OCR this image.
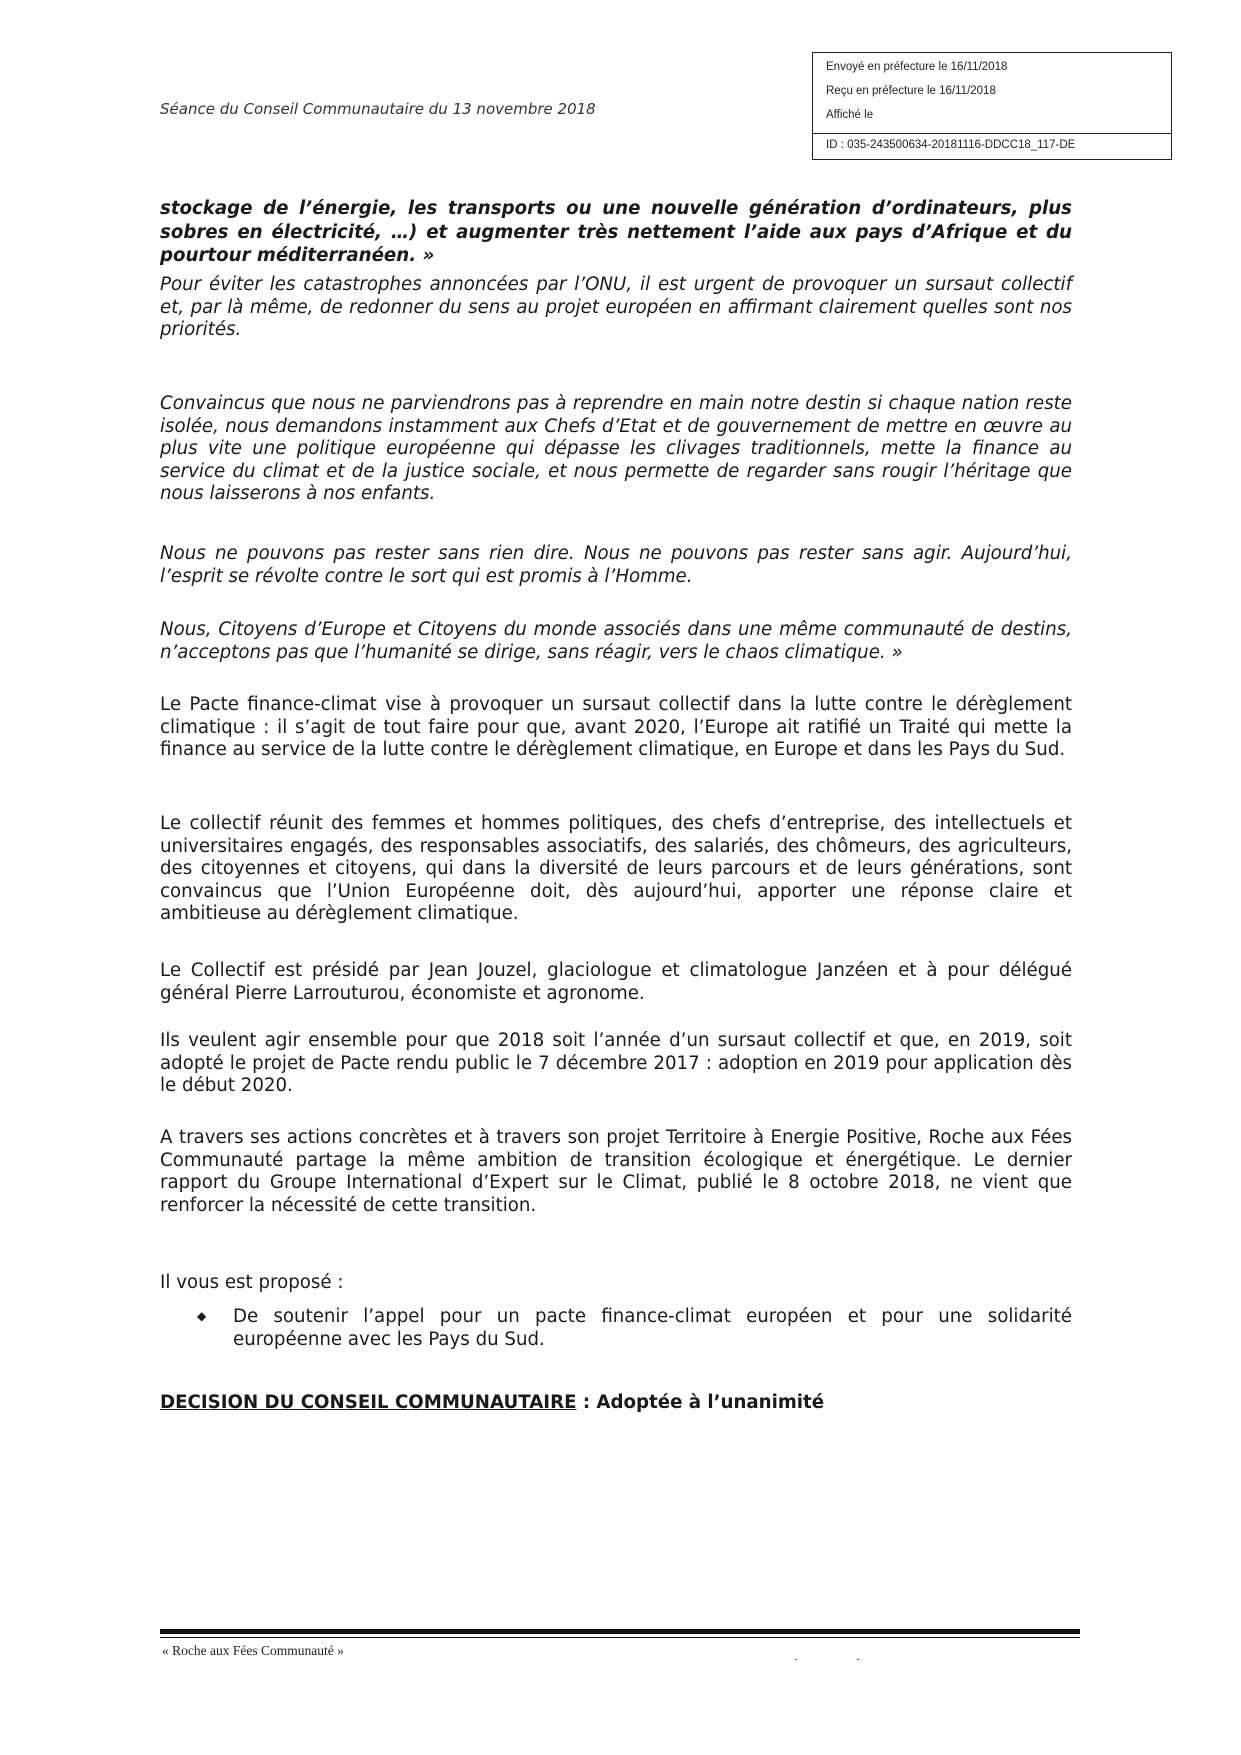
Envoyé en préfecture le 16/11/2018
Reçu en préfecture le 16/11/2018
Affiché le
ID : 035-243500634-20181116-DDCC18_117-DE
Séance du Conseil Communautaire du 13 novembre 2018

stockage de l’énergie, les transports ou une nouvelle génération d’ordinateurs, plus sobres en électricité, …) et augmenter très nettement l’aide aux pays d’Afrique et du pourtour méditerranéen. »

Pour éviter les catastrophes annoncées par l’ONU, il est urgent de provoquer un sursaut collectif et, par là même, de redonner du sens au projet européen en affirmant clairement quelles sont nos priorités.

Convaincus que nous ne parviendrons pas à reprendre en main notre destin si chaque nation reste isolée, nous demandons instamment aux Chefs d’Etat et de gouvernement de mettre en œuvre au plus vite une politique européenne qui dépasse les clivages traditionnels, mette la finance au service du climat et de la justice sociale, et nous permette de regarder sans rougir l’héritage que nous laisserons à nos enfants.

Nous ne pouvons pas rester sans rien dire. Nous ne pouvons pas rester sans agir. Aujourd’hui, l’esprit se révolte contre le sort qui est promis à l’Homme.

Nous, Citoyens d’Europe et Citoyens du monde associés dans une même communauté de destins, n’acceptons pas que l’humanité se dirige, sans réagir, vers le chaos climatique. »

Le Pacte finance-climat vise à provoquer un sursaut collectif dans la lutte contre le dérèglement climatique : il s’agit de tout faire pour que, avant 2020, l’Europe ait ratifié un Traité qui mette la finance au service de la lutte contre le dérèglement climatique, en Europe et dans les Pays du Sud.

Le collectif réunit des femmes et hommes politiques, des chefs d’entreprise, des intellectuels et universitaires engagés, des responsables associatifs, des salariés, des chômeurs, des agriculteurs, des citoyennes et citoyens, qui dans la diversité de leurs parcours et de leurs générations, sont convaincus que l’Union Européenne doit, dès aujourd’hui, apporter une réponse claire et ambitieuse au dérèglement climatique.

Le Collectif est présidé par Jean Jouzel, glaciologue et climatologue Janzéen et à pour délégué général Pierre Larrouturou, économiste et agronome.

Ils veulent agir ensemble pour que 2018 soit l’année d’un sursaut collectif et que, en 2019, soit adopté le projet de Pacte rendu public le 7 décembre 2017 : adoption en 2019 pour application dès le début 2020.

A travers ses actions concrètes et à travers son projet Territoire à Energie Positive, Roche aux Fées Communauté partage la même ambition de transition écologique et énergétique. Le dernier rapport du Groupe International d’Expert sur le Climat, publié le 8 octobre 2018, ne vient que renforcer la nécessité de cette transition.

Il vous est proposé :

◆ De soutenir l’appel pour un pacte finance-climat européen et pour une solidarité européenne avec les Pays du Sud.

DECISION DU CONSEIL COMMUNAUTAIRE : Adoptée à l’unanimité
« Roche aux Fées Communauté »
